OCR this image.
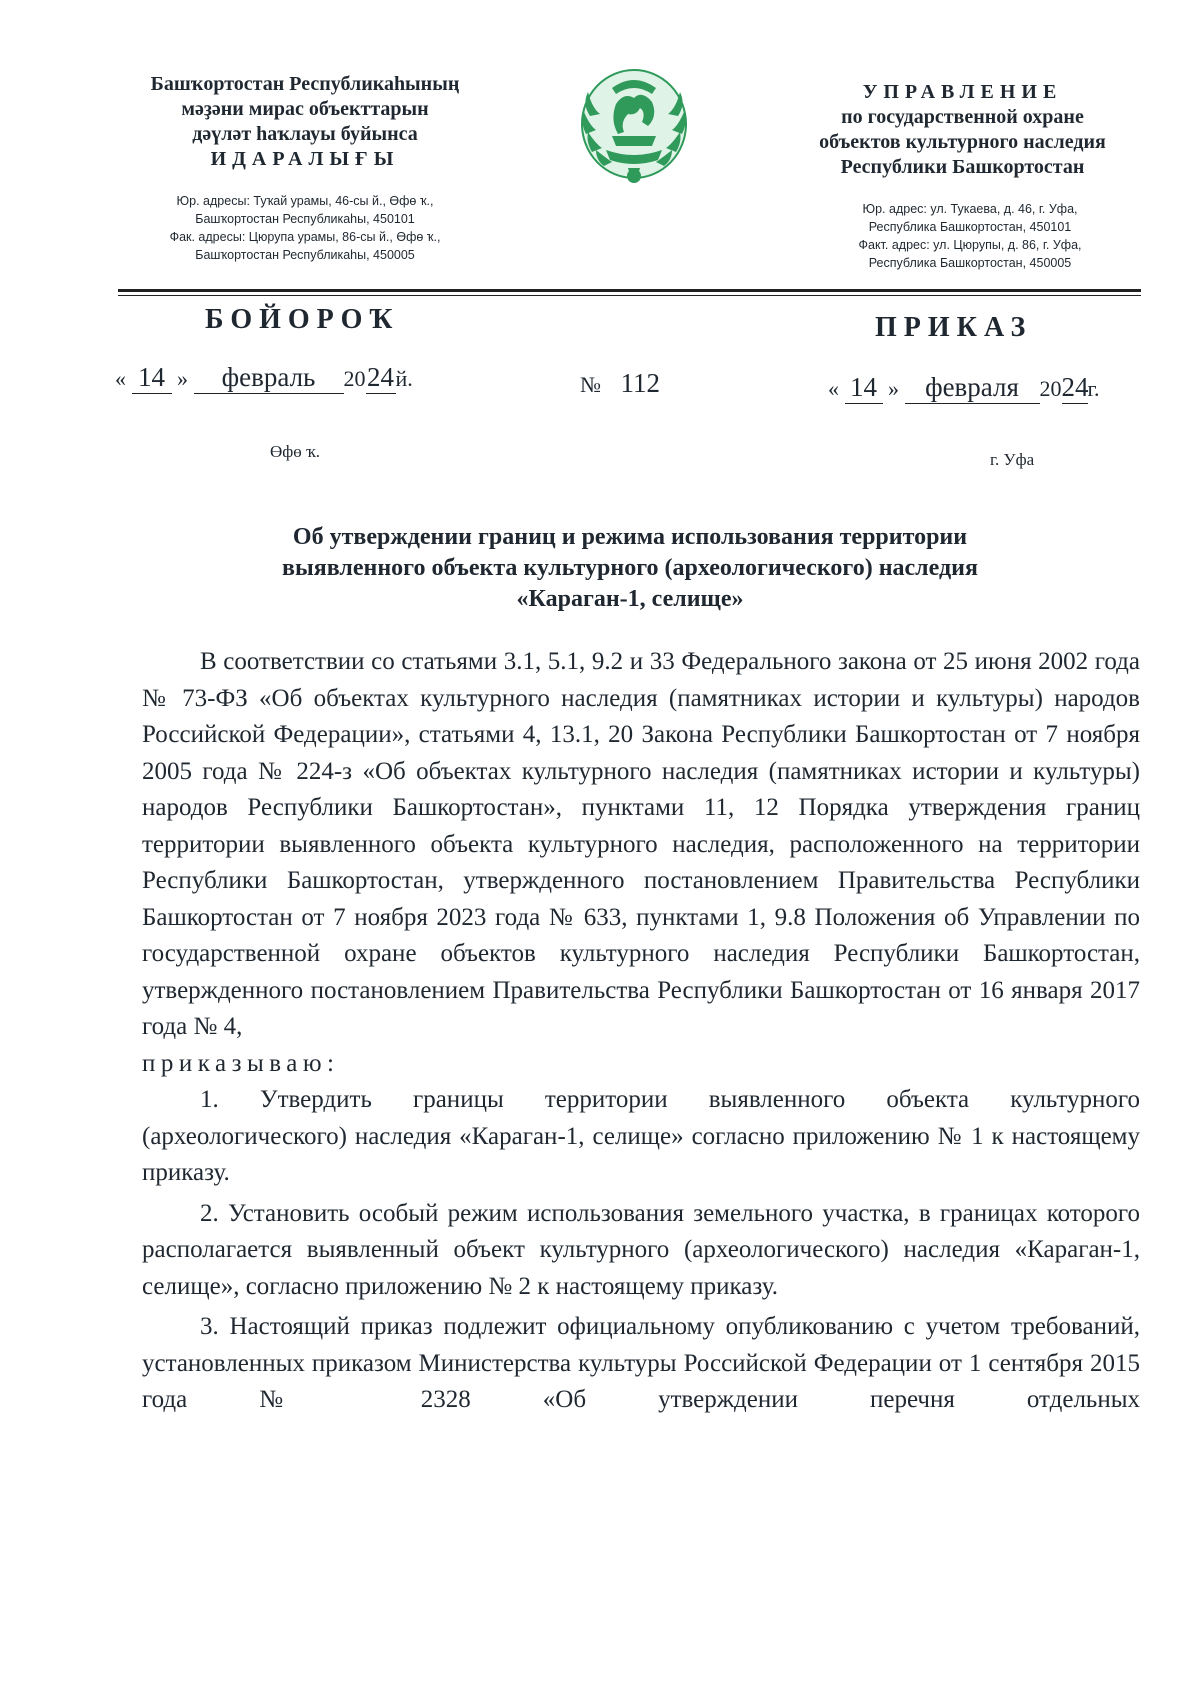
Башҡортостан Республикаһының
мәҙәни мирас объекттарын
дәүләт һаҡлауы буйынса
ИДАРАЛЫҒЫ
Юр. адресы: Туҡай урамы, 46-сы й., Өфө ҡ.,
Башҡортостан Республикаһы, 450101
Фак. адресы: Цюрупа урамы, 86-сы й., Өфө ҡ.,
Башҡортостан Республикаһы, 450005
УПРАВЛЕНИЕ
по государственной охране
объектов культурного наследия
Республики Башкортостан
Юр. адрес: ул. Тукаева, д. 46, г. Уфа,
Республика Башкортостан, 450101
Факт. адрес: ул. Цюрупы, д. 86, г. Уфа,
Республика Башкортостан, 450005
БОЙОРОҠ	ПРИКАЗ
« 14 » февраль 2024й.	№ 112	« 14 » февраля 2024г.
Өфө ҡ.	г. Уфа
Об утверждении границ и режима использования территории
выявленного объекта культурного (археологического) наследия
«Караган-1, селище»

В соответствии со статьями 3.1, 5.1, 9.2 и 33 Федерального закона от 25 июня 2002 года № 73-ФЗ «Об объектах культурного наследия (памятниках истории и культуры) народов Российской Федерации», статьями 4, 13.1, 20 Закона Республики Башкортостан от 7 ноября 2005 года № 224-з «Об объектах культурного наследия (памятниках истории и культуры) народов Республики Башкортостан», пунктами 11, 12 Порядка утверждения границ территории выявленного объекта культурного наследия, расположенного на территории Республики Башкортостан, утвержденного постановлением Правительства Республики Башкортостан от 7 ноября 2023 года № 633, пунктами 1, 9.8 Положения об Управлении по государственной охране объектов культурного наследия Республики Башкортостан, утвержденного постановлением Правительства Республики Башкортостан от 16 января 2017 года № 4,

приказываю:

1. Утвердить границы территории выявленного объекта культурного (археологического) наследия «Караган-1, селище» согласно приложению № 1 к настоящему приказу.

2. Установить особый режим использования земельного участка, в границах которого располагается выявленный объект культурного (археологического) наследия «Караган-1, селище», согласно приложению № 2 к настоящему приказу.

3. Настоящий приказ подлежит официальному опубликованию с учетом требований, установленных приказом Министерства культуры Российской Федерации от 1 сентября 2015 года № 2328 «Об утверждении перечня отдельных
